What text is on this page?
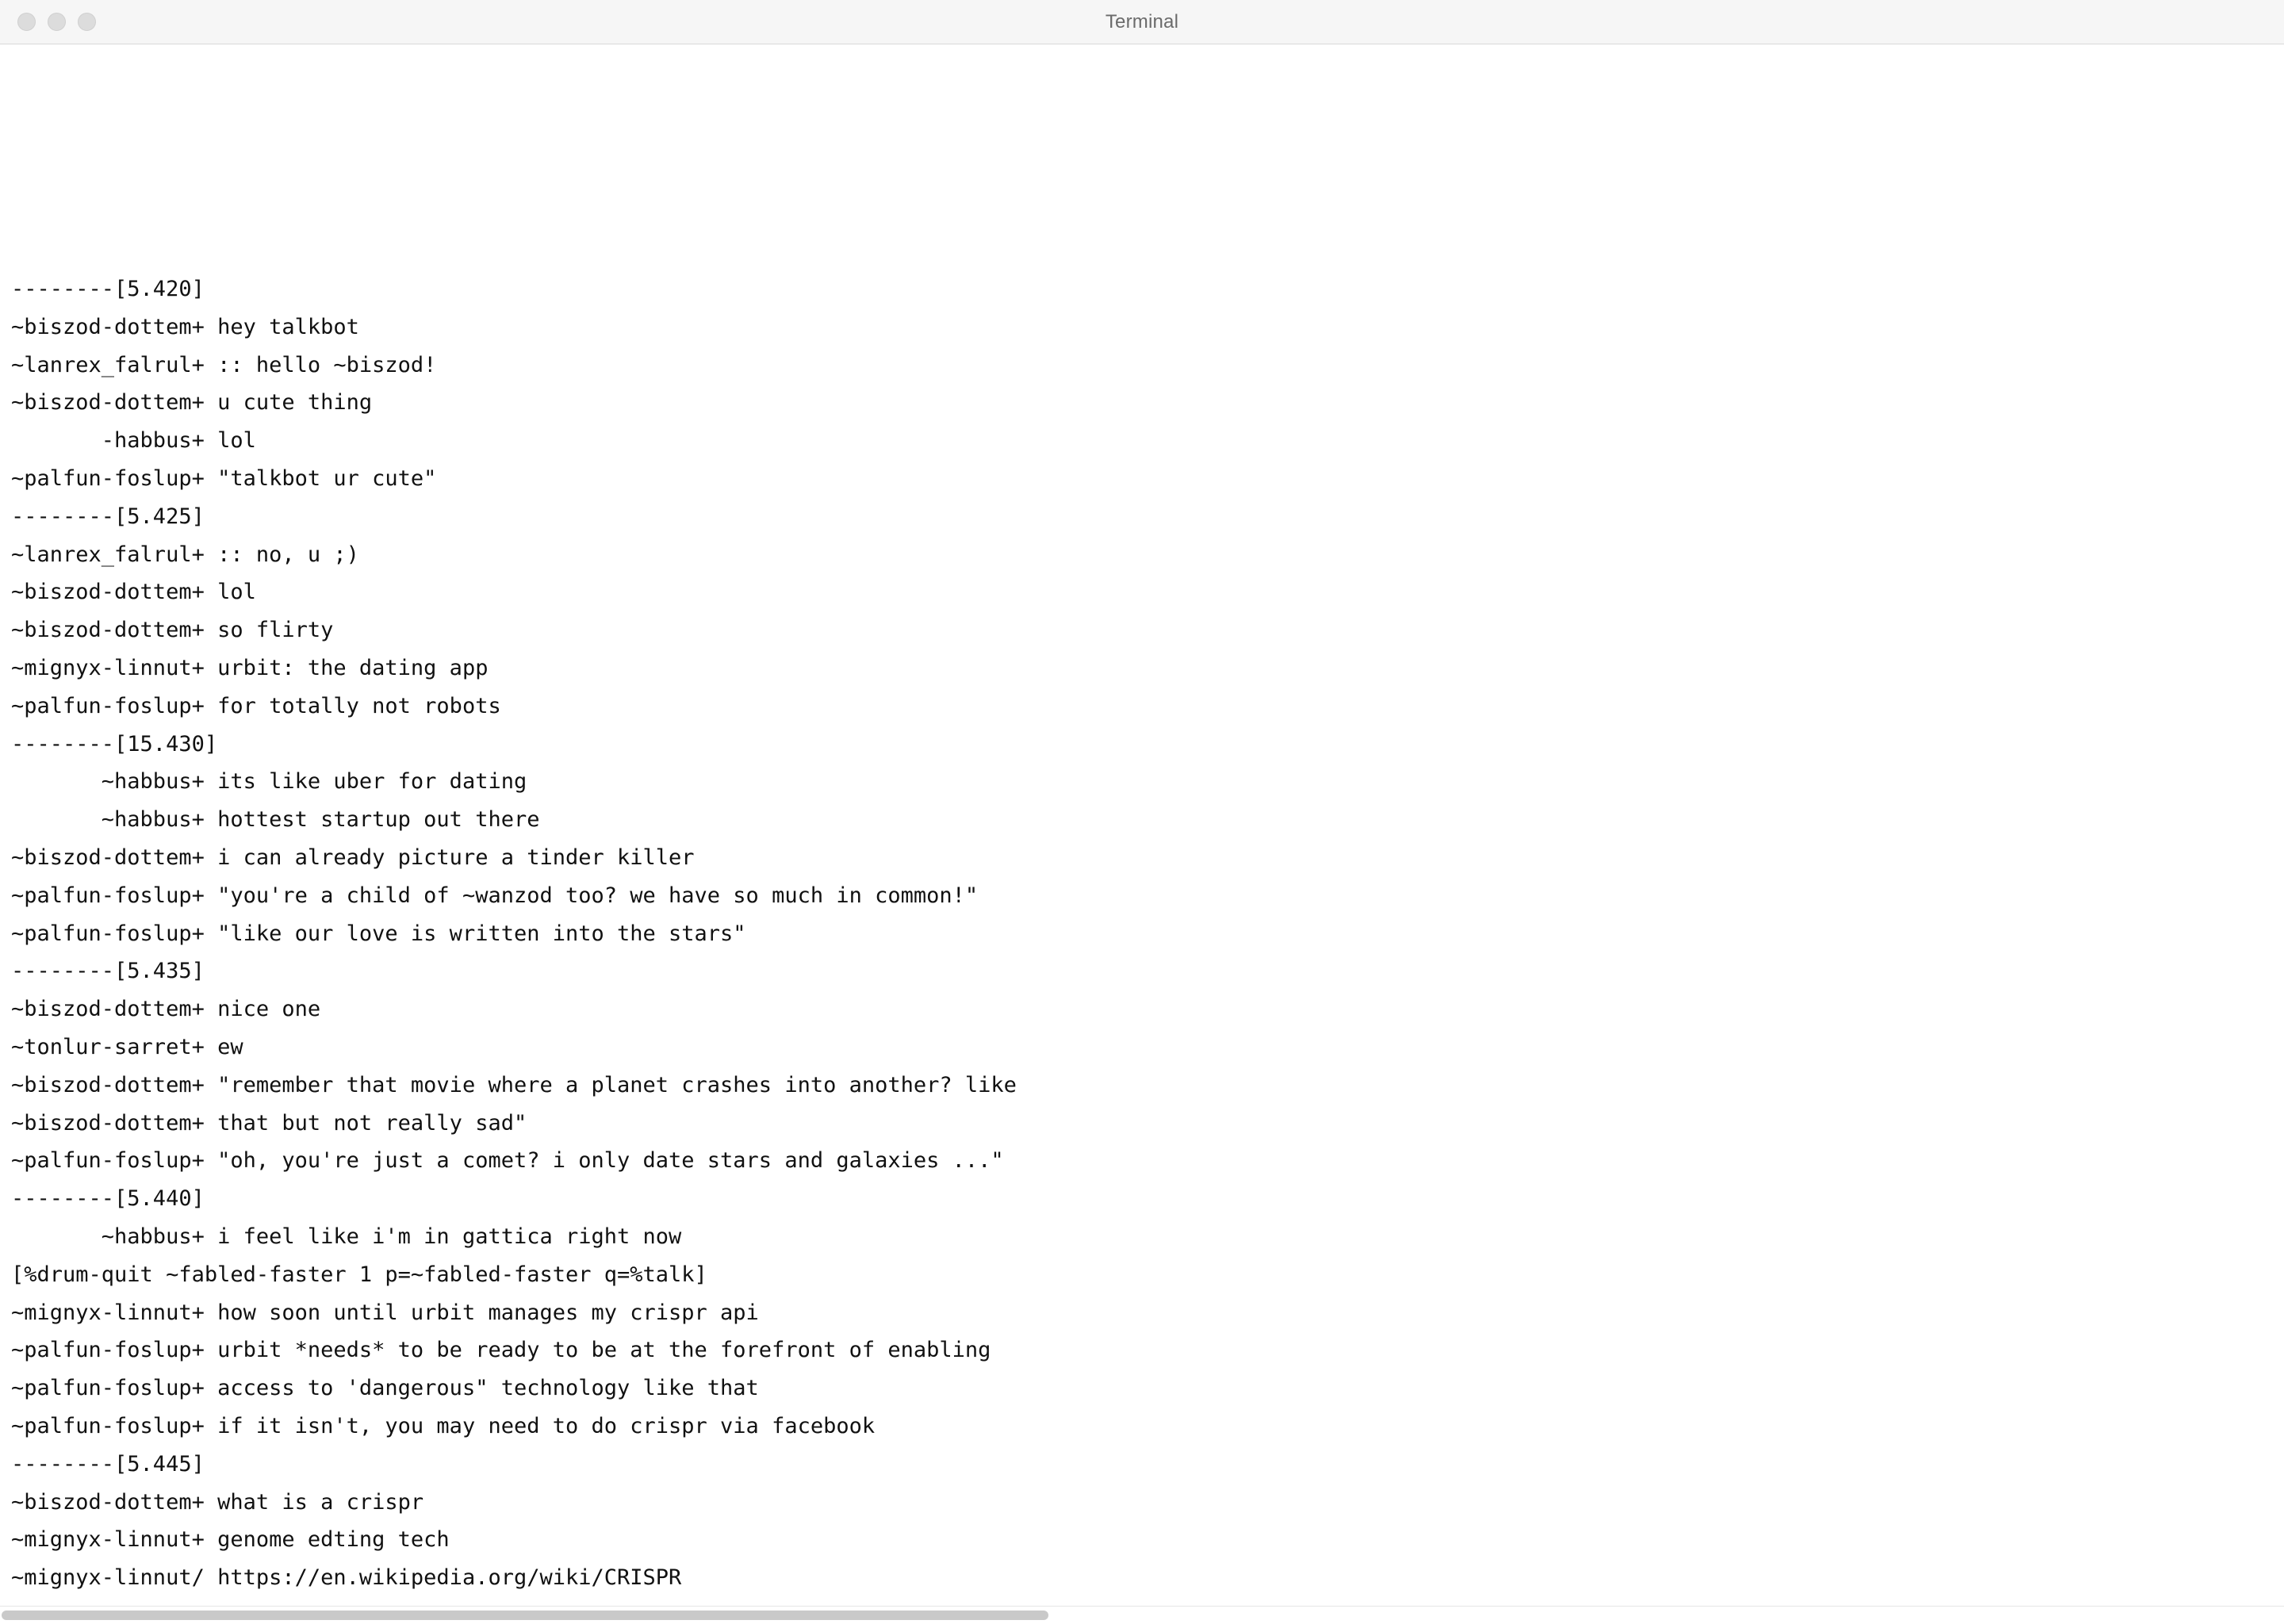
Terminal
--------[5.420]
~biszod-dottem+ hey talkbot
~lanrex_falrul+ :: hello ~biszod!
~biszod-dottem+ u cute thing
-habbus+ lol
~palfun-foslup+ "talkbot ur cute"
--------[5.425]
~lanrex_falrul+ :: no, u ;)
~biszod-dottem+ lol
~biszod-dottem+ so flirty
~mignyx-linnut+ urbit: the dating app
~palfun-foslup+ for totally not robots
--------[15.430]
~habbus+ its like uber for dating
~habbus+ hottest startup out there
~biszod-dottem+ i can already picture a tinder killer
~palfun-foslup+ "you're a child of ~wanzod too? we have so much in common!"
~palfun-foslup+ "like our love is written into the stars"
--------[5.435]
~biszod-dottem+ nice one
~tonlur-sarret+ ew
~biszod-dottem+ "remember that movie where a planet crashes into another? like
~biszod-dottem+ that but not really sad"
~palfun-foslup+ "oh, you're just a comet? i only date stars and galaxies ..."
--------[5.440]
~habbus+ i feel like i'm in gattica right now
[%drum-quit ~fabled-faster 1 p=~fabled-faster q=%talk]
~mignyx-linnut+ how soon until urbit manages my crispr api
~palfun-foslup+ urbit *needs* to be ready to be at the forefront of enabling
~palfun-foslup+ access to 'dangerous" technology like that
~palfun-foslup+ if it isn't, you may need to do crispr via facebook
--------[5.445]
~biszod-dottem+ what is a crispr
~mignyx-linnut+ genome edting tech
~mignyx-linnut/ https://en.wikipedia.org/wiki/CRISPR
